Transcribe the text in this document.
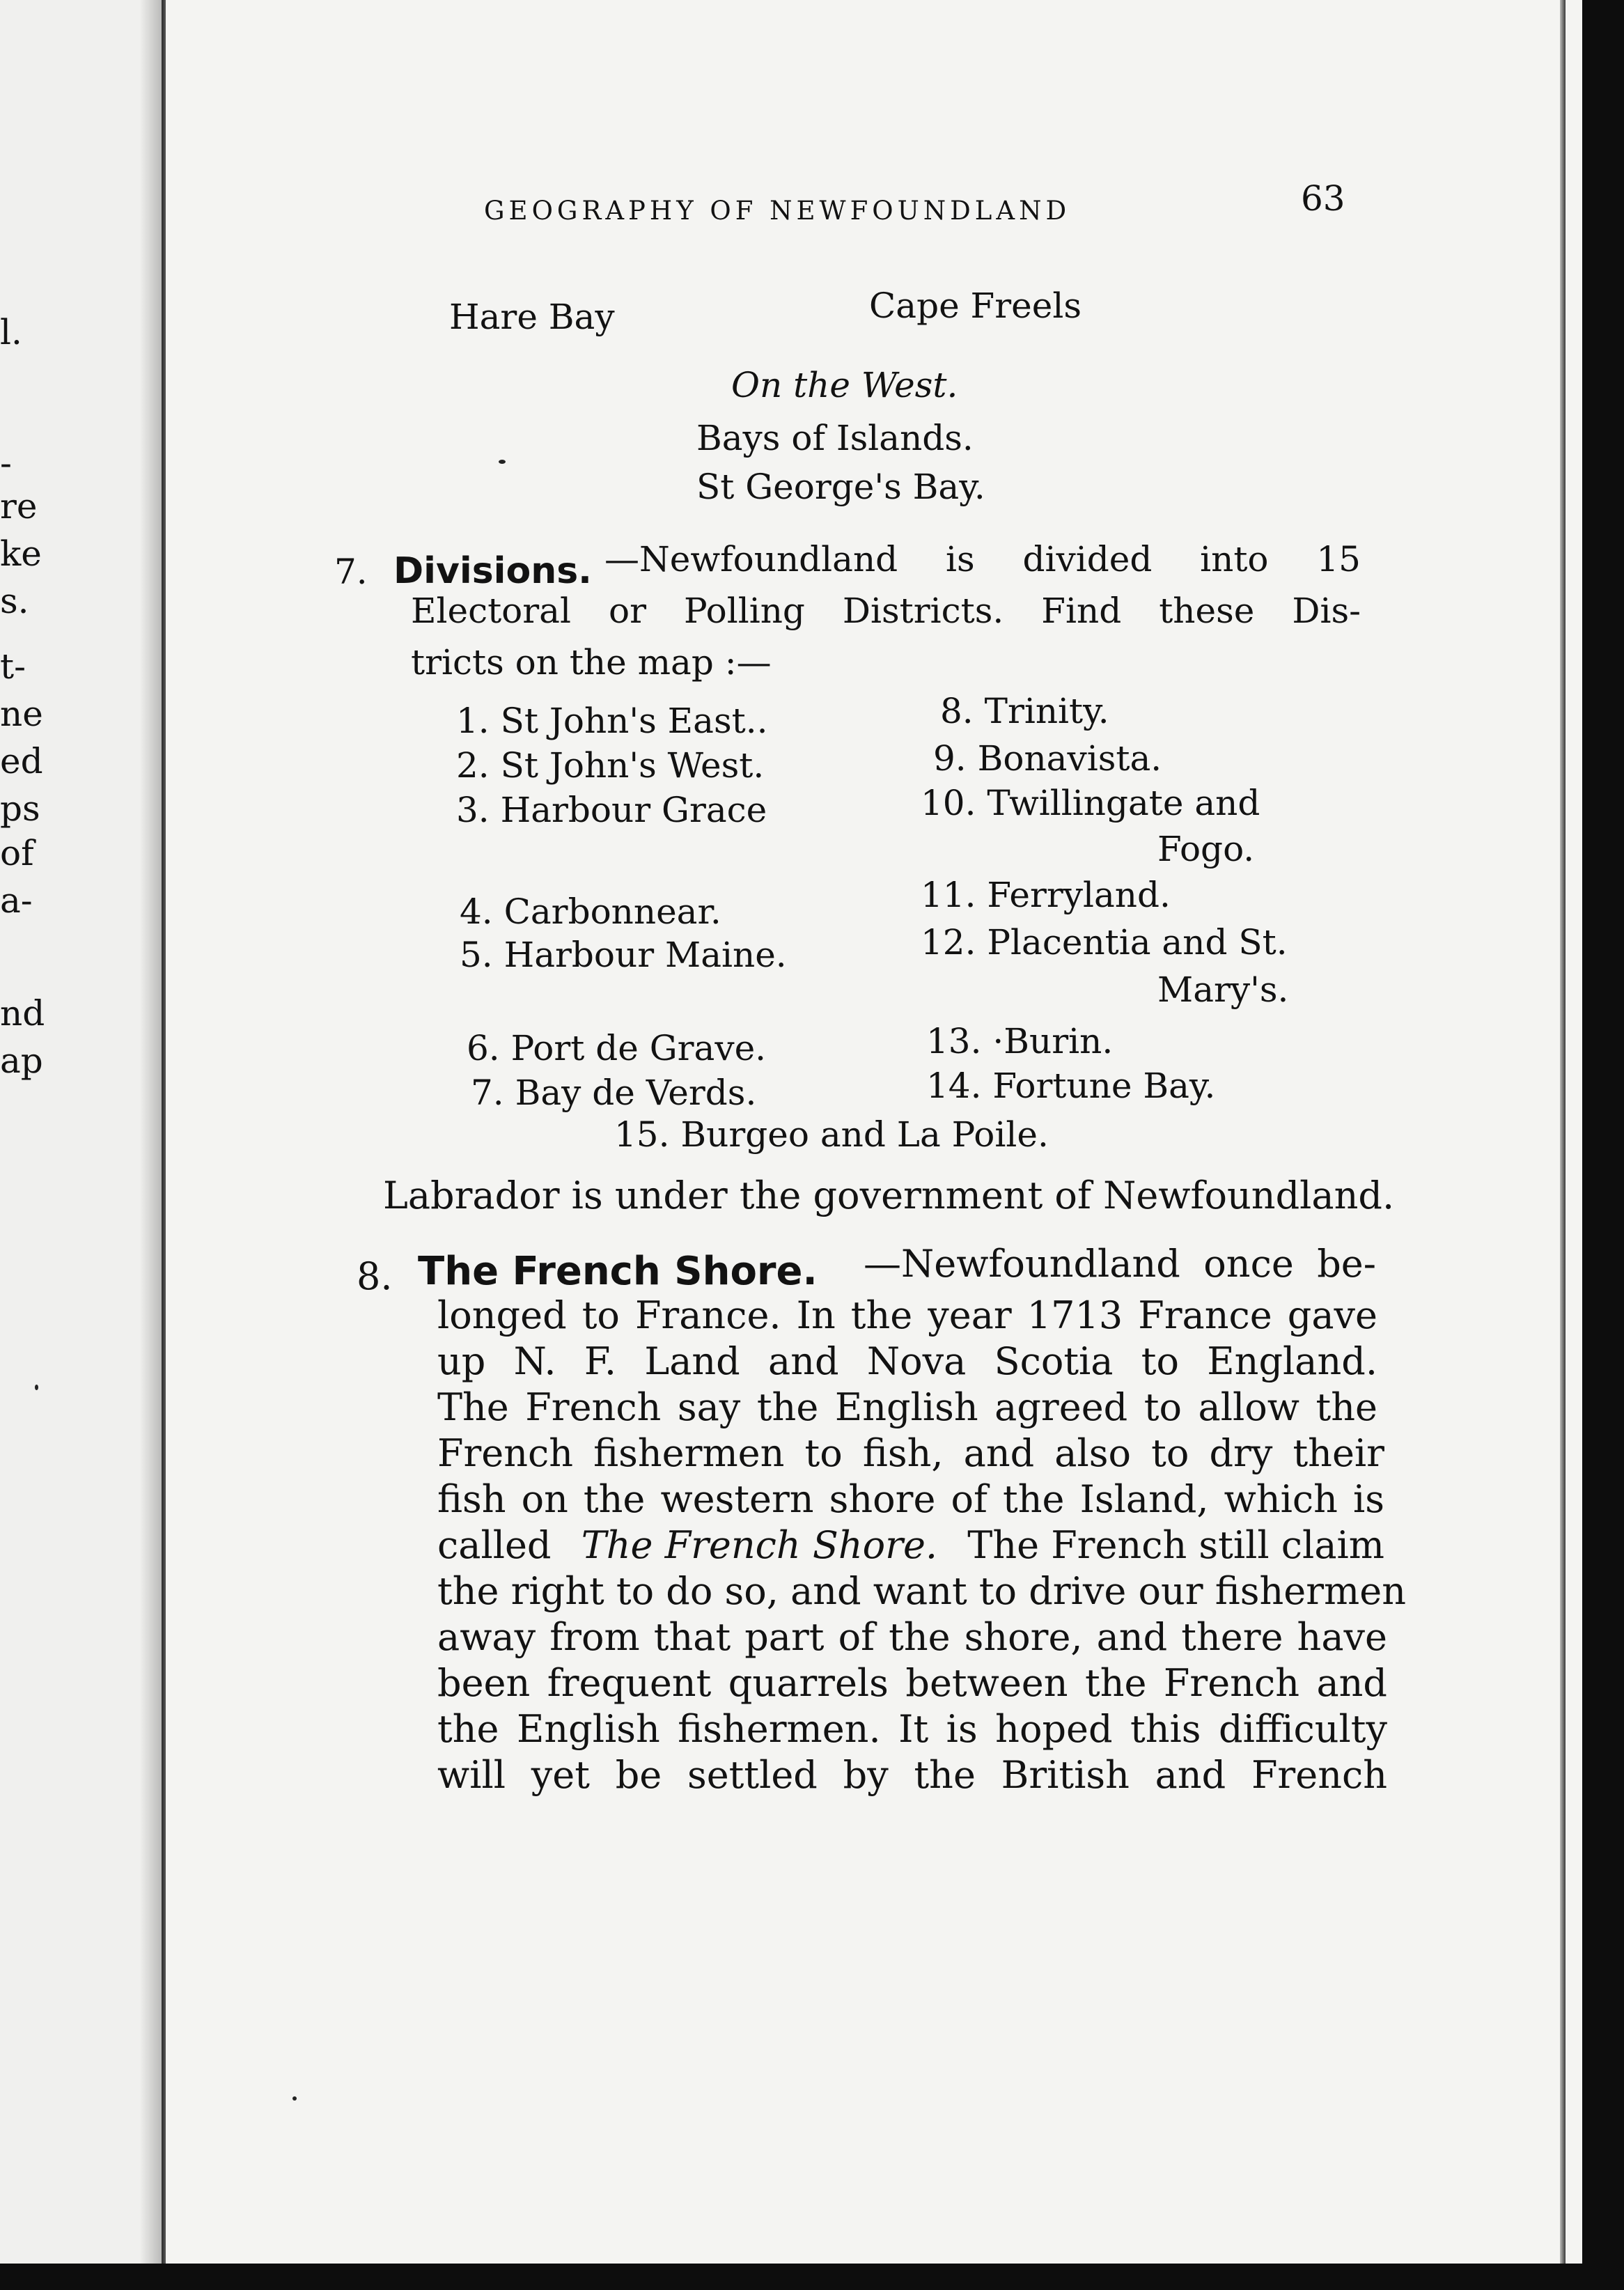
l.
-
re
ke
s.
t-
ne
ed
ps
of
a-
nd
ap
GEOGRAPHY OF NEWFOUNDLAND	63
Hare Bay	Cape Freels
On the West.
Bays of Islands.
St George's Bay.
7. Divisions. —Newfoundland is divided into 15
Electoral or Polling Districts. Find these Dis-
tricts on the map :—
1. St John's East..
2. St John's West.
3. Harbour Grace
4. Carbonnear.
5. Harbour Maine.
6. Port de Grave.
7. Bay de Verds.
8. Trinity.
9. Bonavista.
10. Twillingate and
Fogo.
11. Ferryland.
12. Placentia and St.
Mary's.
13. ·Burin.
14. Fortune Bay.
15. Burgeo and La Poile.
Labrador is under the government of Newfoundland.
8. The French Shore. —Newfoundland once be-
longed to France. In the year 1713 France gave
up N. F. Land and Nova Scotia to England.
The French say the English agreed to allow the
French fishermen to fish, and also to dry their
fish on the western shore of the Island, which is
called The French Shore. The French still claim
the right to do so, and want to drive our fishermen
away from that part of the shore, and there have
been frequent quarrels between the French and
the English fishermen. It is hoped this difficulty
will yet be settled by the British and French
